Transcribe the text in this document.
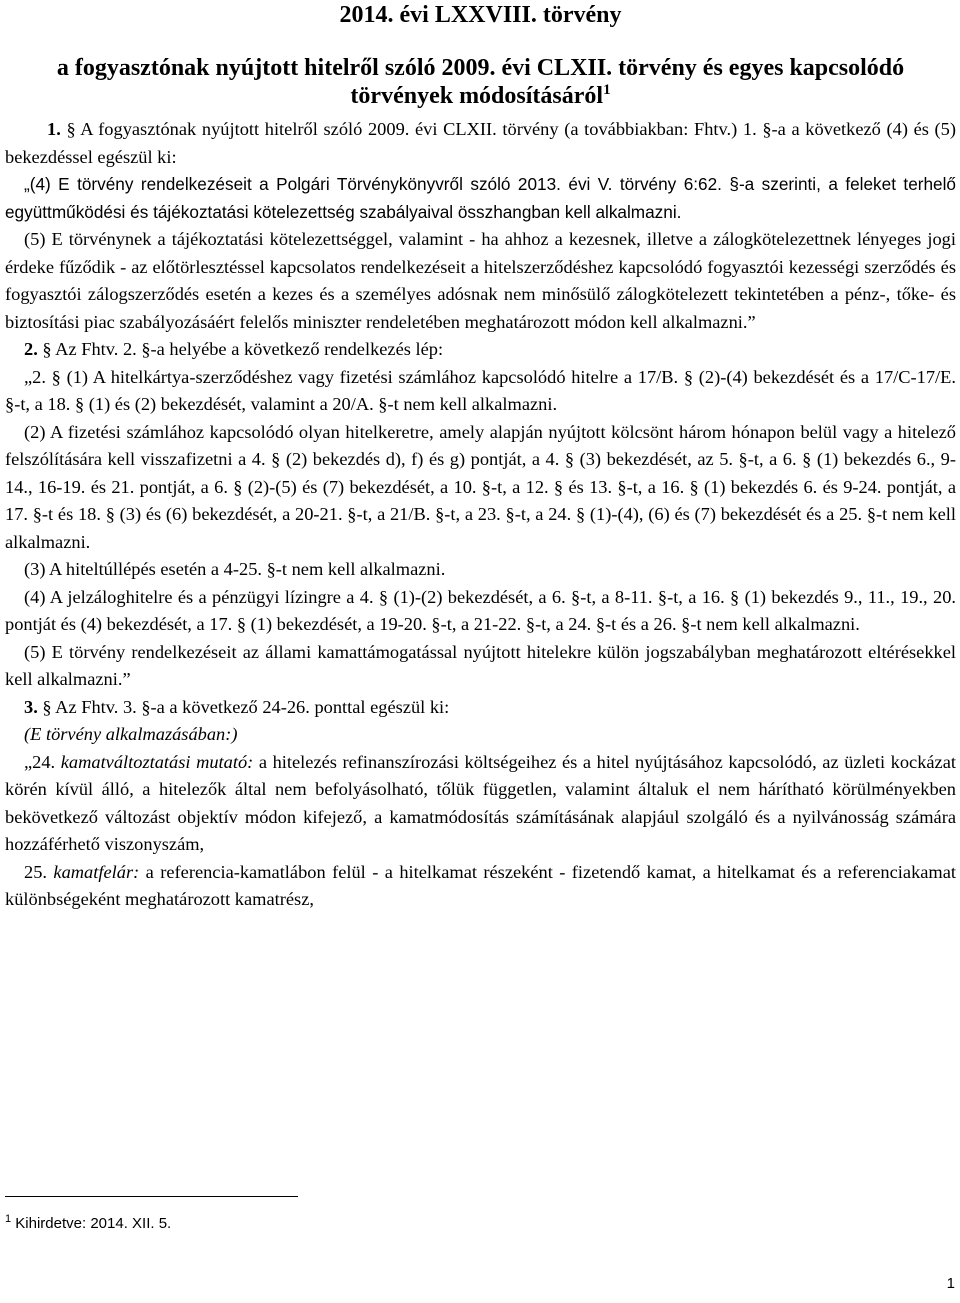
2014. évi LXXVIII. törvény

a fogyasztónak nyújtott hitelről szóló 2009. évi CLXII. törvény és egyes kapcsolódó törvények módosításáról$^1$

1. § A fogyasztónak nyújtott hitelről szóló 2009. évi CLXII. törvény (a továbbiakban: Fhtv.) 1. §-a a következő (4) és (5) bekezdéssel egészül ki:

„(4) E törvény rendelkezéseit a Polgári Törvénykönyvről szóló 2013. évi V. törvény 6:62. §-a szerinti, a feleket terhelő együttműködési és tájékoztatási kötelezettség szabályaival összhangban kell alkalmazni.

(5) E törvénynek a tájékoztatási kötelezettséggel, valamint - ha ahhoz a kezesnek, illetve a zálogkötelezettnek lényeges jogi érdeke fűződik - az előtörlesztéssel kapcsolatos rendelkezéseit a hitelszerződéshez kapcsolódó fogyasztói kezességi szerződés és fogyasztói zálogszerződés esetén a kezes és a személyes adósnak nem minősülő zálogkötelezett tekintetében a pénz-, tőke- és biztosítási piac szabályozásáért felelős miniszter rendeletében meghatározott módon kell alkalmazni.”

2. § Az Fhtv. 2. §-a helyébe a következő rendelkezés lép:

„2. § (1) A hitelkártya-szerződéshez vagy fizetési számlához kapcsolódó hitelre a 17/B. § (2)-(4) bekezdését és a 17/C-17/E. §-t, a 18. § (1) és (2) bekezdését, valamint a 20/A. §-t nem kell alkalmazni.

(2) A fizetési számlához kapcsolódó olyan hitelkeretre, amely alapján nyújtott kölcsönt három hónapon belül vagy a hitelező felszólítására kell visszafizetni a 4. § (2) bekezdés d), f) és g) pontját, a 4. § (3) bekezdését, az 5. §-t, a 6. § (1) bekezdés 6., 9-14., 16-19. és 21. pontját, a 6. § (2)-(5) és (7) bekezdését, a 10. §-t, a 12. § és 13. §-t, a 16. § (1) bekezdés 6. és 9-24. pontját, a 17. §-t és 18. § (3) és (6) bekezdését, a 20-21. §-t, a 21/B. §-t, a 23. §-t, a 24. § (1)-(4), (6) és (7) bekezdését és a 25. §-t nem kell alkalmazni.

(3) A hiteltúllépés esetén a 4-25. §-t nem kell alkalmazni.

(4) A jelzáloghitelre és a pénzügyi lízingre a 4. § (1)-(2) bekezdését, a 6. §-t, a 8-11. §-t, a 16. § (1) bekezdés 9., 11., 19., 20. pontját és (4) bekezdését, a 17. § (1) bekezdését, a 19-20. §-t, a 21-22. §-t, a 24. §-t és a 26. §-t nem kell alkalmazni.

(5) E törvény rendelkezéseit az állami kamattámogatással nyújtott hitelekre külön jogszabályban meghatározott eltérésekkel kell alkalmazni.”

3. § Az Fhtv. 3. §-a a következő 24-26. ponttal egészül ki:

(E törvény alkalmazásában:)

„24. kamatváltoztatási mutató: a hitelezés refinanszírozási költségeihez és a hitel nyújtásához kapcsolódó, az üzleti kockázat körén kívül álló, a hitelezők által nem befolyásolható, tőlük független, valamint általuk el nem hárítható körülményekben bekövetkező változást objektív módon kifejező, a kamatmódosítás számításának alapjául szolgáló és a nyilvánosság számára hozzáférhető viszonyszám,

25. kamatfelár: a referencia-kamatlábon felül - a hitelkamat részeként - fizetendő kamat, a hitelkamat és a referenciakamat különbségeként meghatározott kamatrész,

$^1$ Kihirdetve: 2014. XII. 5.
1
